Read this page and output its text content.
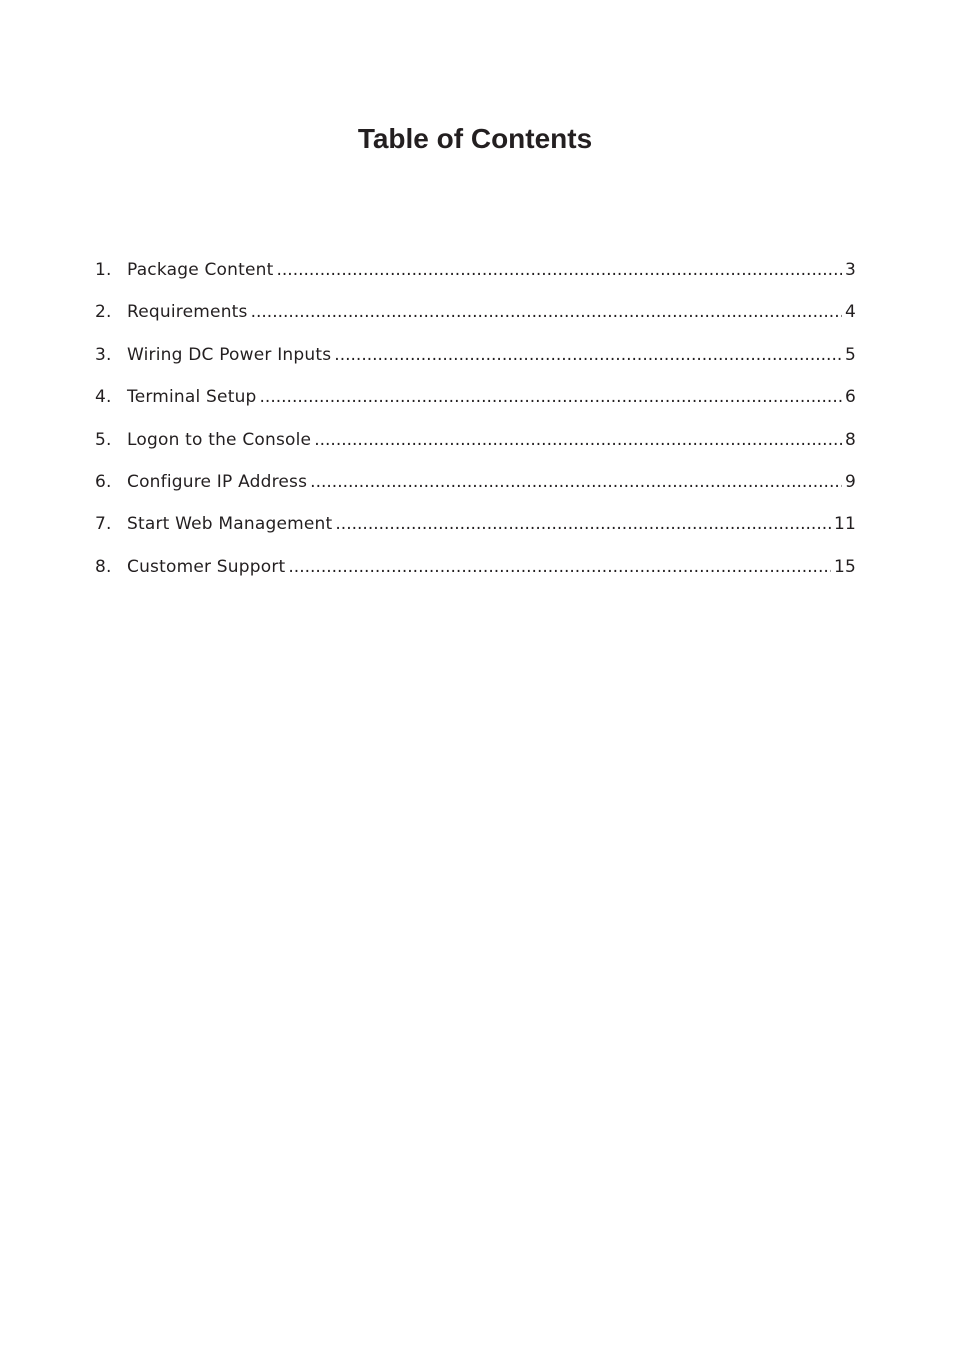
Table of Contents
1. Package Content .....	3
2. Requirements .....	4
3. Wiring DC Power Inputs .....	5
4. Terminal Setup .....	6
5. Logon to the Console .....	8
6. Configure IP Address .....	9
7. Start Web Management .....	11
8. Customer Support .....	15
